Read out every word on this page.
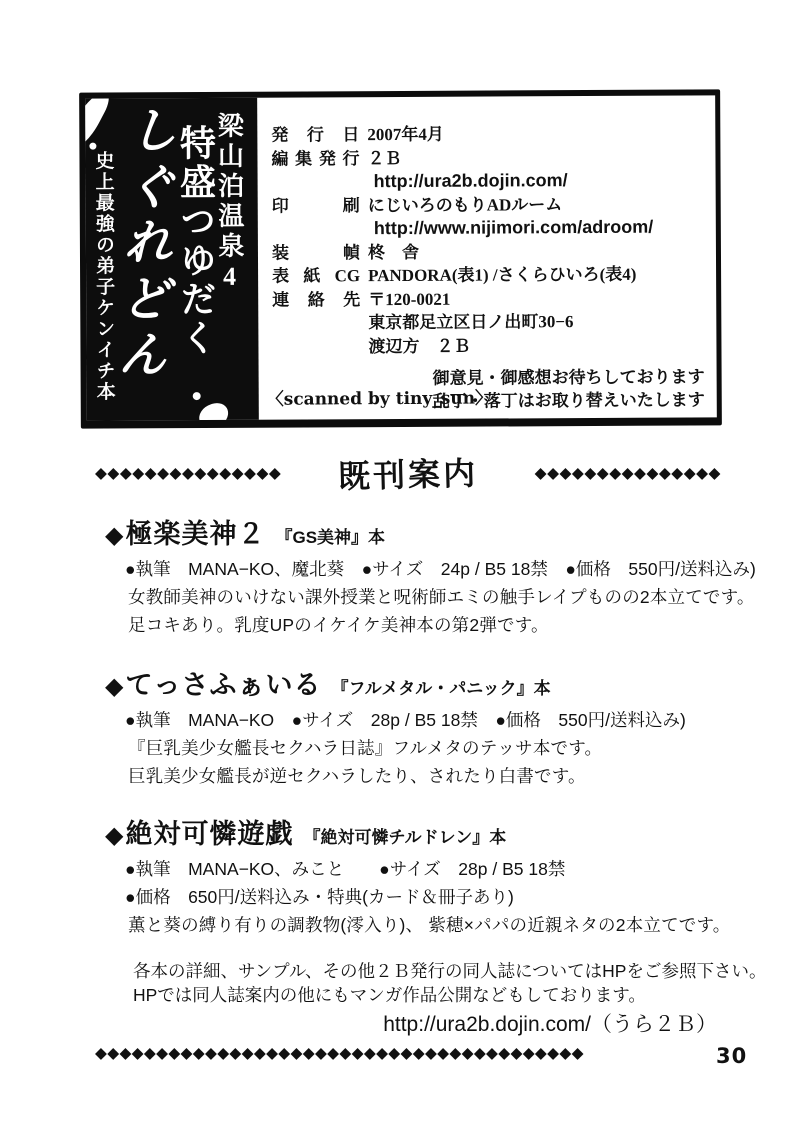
梁山泊温泉4
特盛つゆだく
しぐれどん
史上最強の弟子ケンイチ本
発行日 2007年4月
編集発行 ２Ｂ
http://ura2b.dojin.com/
印刷 にじいろのもりADルーム
http://www.nijimori.com/adroom/
装幀 柊　舎
表紙CG PANDORA(表1) /さくらひいろ(表4)
連絡先 〒120-0021
東京都足立区日ノ出町30−6
渡辺方　２Ｂ
〈scanned by tiny_sun〉
御意見・御感想お待ちしております
乱丁・落丁はお取り替えいたします
◆◆◆◆◆◆◆◆◆◆◆◆◆◆◆ 既刊案内	◆◆◆◆◆◆◆◆◆◆◆◆◆◆◆
◆ 極楽美神２ 『GS美神』本
●執筆　MANA−KO、魔北葵　●サイズ　24p / B5 18禁　●価格　550円/送料込み)
女教師美神のいけない課外授業と呪術師エミの触手レイプものの2本立てです。
足コキあり。乳度UPのイケイケ美神本の第2弾です。
◆ てっさふぁいる 『フルメタル・パニック』本
●執筆　MANA−KO　●サイズ　28p / B5 18禁　●価格　550円/送料込み)
『巨乳美少女艦長セクハラ日誌』フルメタのテッサ本です。
巨乳美少女艦長が逆セクハラしたり、されたり白書です。
◆ 絶対可憐遊戯 『絶対可憐チルドレン』本
●執筆　MANA−KO、みこと　　●サイズ　28p / B5 18禁
●価格　650円/送料込み・特典(カード＆冊子あり)
薫と葵の縛り有りの調教物(澪入り)、 紫穂×パパの近親ネタの2本立てです。
各本の詳細、サンプル、その他２Ｂ発行の同人誌についてはHPをご参照下さい。
HPでは同人誌案内の他にもマンガ作品公開などもしております。
http://ura2b.dojin.com/（うら２Ｂ）
◆◆◆◆◆◆◆◆◆◆◆◆◆◆◆◆◆◆◆◆◆◆◆◆◆◆◆◆◆◆◆◆◆◆◆◆◆◆◆◆	30
